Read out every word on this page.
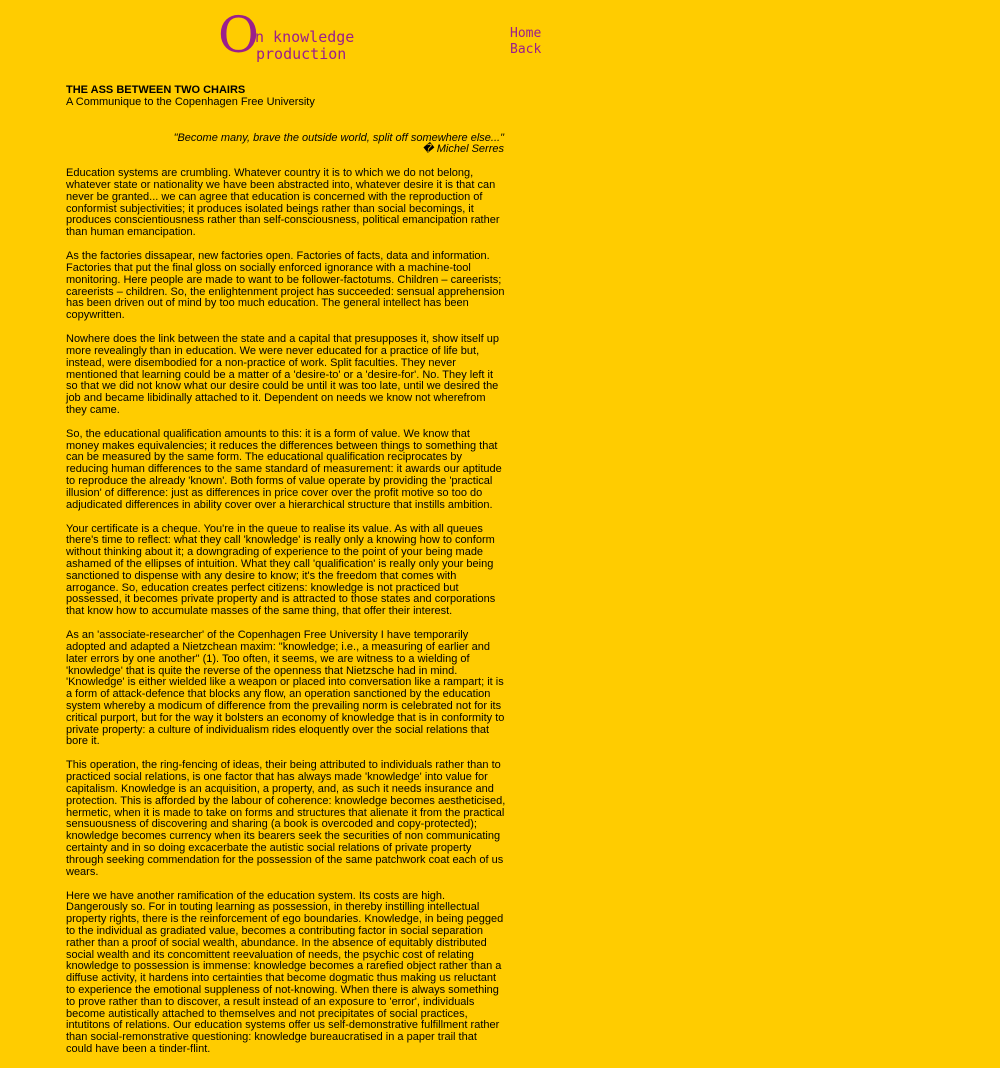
O
n knowledge
production
Home
Back
THE ASS BETWEEN TWO CHAIRS
A Communique to the Copenhagen Free University
"Become many, brave the outside world, split off somewhere else..."
� Michel Serres

Education systems are crumbling. Whatever country it is to which we do not belong, whatever state or nationality we have been abstracted into, whatever desire it is that can never be granted... we can agree that education is concerned with the reproduction of conformist subjectivities; it produces isolated beings rather than social becomings, it produces conscientiousness rather than self-consciousness, political emancipation rather than human emancipation.

As the factories dissapear, new factories open. Factories of facts, data and information. Factories that put the final gloss on socially enforced ignorance with a machine-tool monitoring. Here people are made to want to be follower-factotums. Children – careerists; careerists – children. So, the enlightenment project has succeeded: sensual apprehension has been driven out of mind by too much education. The general intellect has been copywritten.

Nowhere does the link between the state and a capital that presupposes it, show itself up more revealingly than in education. We were never educated for a practice of life but, instead, were disembodied for a non-practice of work. Split faculties. They never mentioned that learning could be a matter of a 'desire-to' or a 'desire-for'. No. They left it so that we did not know what our desire could be until it was too late, until we desired the job and became libidinally attached to it. Dependent on needs we know not wherefrom they came.

So, the educational qualification amounts to this: it is a form of value. We know that money makes equivalencies; it reduces the differences between things to something that can be measured by the same form. The educational qualification reciprocates by reducing human differences to the same standard of measurement: it awards our aptitude to reproduce the already 'known'. Both forms of value operate by providing the 'practical illusion' of difference: just as differences in price cover over the profit motive so too do adjudicated differences in ability cover over a hierarchical structure that instills ambition.

Your certificate is a cheque. You're in the queue to realise its value. As with all queues there's time to reflect: what they call 'knowledge' is really only a knowing how to conform without thinking about it; a downgrading of experience to the point of your being made ashamed of the ellipses of intuition. What they call 'qualification' is really only your being sanctioned to dispense with any desire to know; it's the freedom that comes with arrogance. So, education creates perfect citizens: knowledge is not practiced but possessed, it becomes private property and is attracted to those states and corporations that know how to accumulate masses of the same thing, that offer their interest.

As an 'associate-researcher' of the Copenhagen Free University I have temporarily adopted and adapted a Nietzchean maxim: "knowledge; i.e., a measuring of earlier and later errors by one another" (1). Too often, it seems, we are witness to a wielding of 'knowledge' that is quite the reverse of the openness that Nietzsche had in mind. 'Knowledge' is either wielded like a weapon or placed into conversation like a rampart; it is a form of attack-defence that blocks any flow, an operation sanctioned by the education system whereby a modicum of difference from the prevailing norm is celebrated not for its critical purport, but for the way it bolsters an economy of knowledge that is in conformity to private property: a culture of individualism rides eloquently over the social relations that bore it.

This operation, the ring-fencing of ideas, their being attributed to individuals rather than to practiced social relations, is one factor that has always made 'knowledge' into value for capitalism. Knowledge is an acquisition, a property, and, as such it needs insurance and protection. This is afforded by the labour of coherence: knowledge becomes aestheticised, hermetic, when it is made to take on forms and structures that alienate it from the practical sensuousness of discovering and sharing (a book is overcoded and copy-protected); knowledge becomes currency when its bearers seek the securities of non communicating certainty and in so doing excacerbate the autistic social relations of private property through seeking commendation for the possession of the same patchwork coat each of us wears.

Here we have another ramification of the education system. Its costs are high. Dangerously so. For in touting learning as possession, in thereby instilling intellectual property rights, there is the reinforcement of ego boundaries. Knowledge, in being pegged to the individual as gradiated value, becomes a contributing factor in social separation rather than a proof of social wealth, abundance. In the absence of equitably distributed social wealth and its concomittent reevaluation of needs, the psychic cost of relating knowledge to possession is immense: knowledge becomes a rarefied object rather than a diffuse activity, it hardens into certainties that become dogmatic thus making us reluctant to experience the emotional suppleness of not-knowing. When there is always something to prove rather than to discover, a result instead of an exposure to 'error', individuals become autistically attached to themselves and not precipitates of social practices, intutitons of relations. Our education systems offer us self-demonstrative fulfillment rather than social-remonstrative questioning: knowledge bureaucratised in a paper trail that could have been a tinder-flint.
